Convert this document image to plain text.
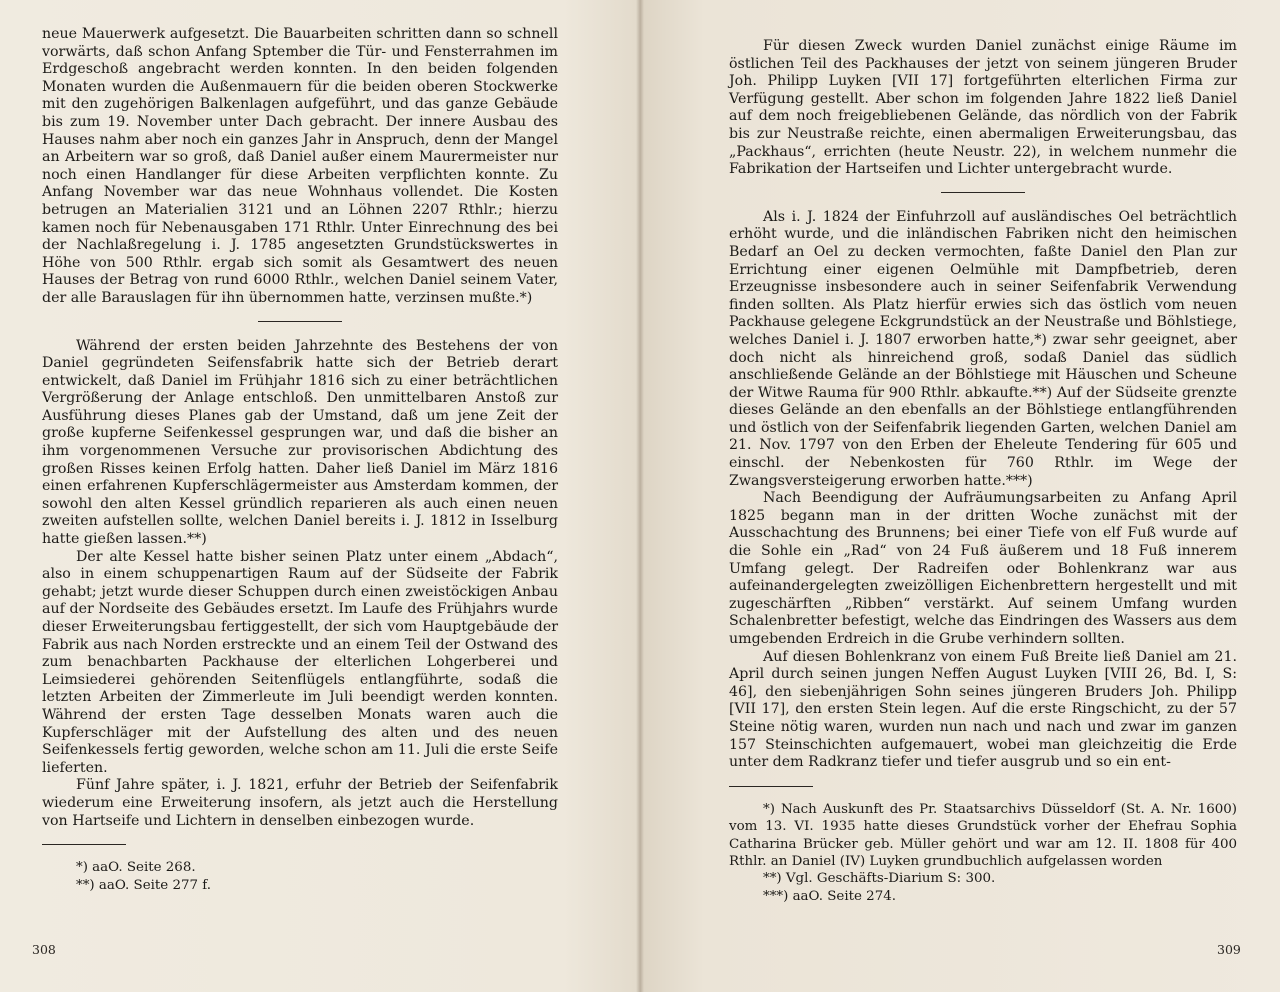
neue Mauerwerk aufgesetzt. Die Bauarbeiten schritten dann so schnell vorwärts, daß schon Anfang Sptember die Tür- und Fensterrahmen im Erdgeschoß angebracht werden konnten. In den beiden folgenden Monaten wurden die Außenmauern für die beiden oberen Stockwerke mit den zugehörigen Balkenlagen aufgeführt, und das ganze Gebäude bis zum 19. November unter Dach gebracht. Der innere Ausbau des Hauses nahm aber noch ein ganzes Jahr in Anspruch, denn der Mangel an Arbeitern war so groß, daß Daniel außer einem Maurermeister nur noch einen Handlanger für diese Arbeiten verpflichten konnte. Zu Anfang November war das neue Wohnhaus vollendet. Die Kosten betrugen an Materialien 3121 und an Löhnen 2207 Rthlr.; hierzu kamen noch für Nebenausgaben 171 Rthlr. Unter Einrechnung des bei der Nachlaßregelung i. J. 1785 angesetzten Grundstückswertes in Höhe von 500 Rthlr. ergab sich somit als Gesamtwert des neuen Hauses der Betrag von rund 6000 Rthlr., welchen Daniel seinem Vater, der alle Barauslagen für ihn übernommen hatte, verzinsen mußte.*)

Während der ersten beiden Jahrzehnte des Bestehens der von Daniel gegründeten Seifensfabrik hatte sich der Betrieb derart entwickelt, daß Daniel im Frühjahr 1816 sich zu einer beträchtlichen Vergrößerung der Anlage entschloß. Den unmittelbaren Anstoß zur Ausführung dieses Planes gab der Umstand, daß um jene Zeit der große kupferne Seifenkessel gesprungen war, und daß die bisher an ihm vorgenommenen Versuche zur provisorischen Abdichtung des großen Risses keinen Erfolg hatten. Daher ließ Daniel im März 1816 einen erfahrenen Kupferschlägermeister aus Amsterdam kommen, der sowohl den alten Kessel gründlich reparieren als auch einen neuen zweiten aufstellen sollte, welchen Daniel bereits i. J. 1812 in Isselburg hatte gießen lassen.**)

Der alte Kessel hatte bisher seinen Platz unter einem „Abdach“, also in einem schuppenartigen Raum auf der Südseite der Fabrik gehabt; jetzt wurde dieser Schuppen durch einen zweistöckigen Anbau auf der Nordseite des Gebäudes ersetzt. Im Laufe des Frühjahrs wurde dieser Erweiterungsbau fertiggestellt, der sich vom Hauptgebäude der Fabrik aus nach Norden erstreckte und an einem Teil der Ostwand des zum benachbarten Packhause der elterlichen Lohgerberei und Leimsiederei gehörenden Seitenflügels entlangführte, sodaß die letzten Arbeiten der Zimmerleute im Juli beendigt werden konnten. Während der ersten Tage desselben Monats waren auch die Kupferschläger mit der Aufstellung des alten und des neuen Seifenkessels fertig geworden, welche schon am 11. Juli die erste Seife lieferten.

Fünf Jahre später, i. J. 1821, erfuhr der Betrieb der Seifenfabrik wiederum eine Erweiterung insofern, als jetzt auch die Herstellung von Hartseife und Lichtern in denselben einbezogen wurde.

*) aaO. Seite 268.

**) aaO. Seite 277 f.

308

Für diesen Zweck wurden Daniel zunächst einige Räume im östlichen Teil des Packhauses der jetzt von seinem jüngeren Bruder Joh. Philipp Luyken [VII 17] fortgeführten elterlichen Firma zur Verfügung gestellt. Aber schon im folgenden Jahre 1822 ließ Daniel auf dem noch freigebliebenen Gelände, das nördlich von der Fabrik bis zur Neustraße reichte, einen abermaligen Erweiterungsbau, das „Packhaus“, errichten (heute Neustr. 22), in welchem nunmehr die Fabrikation der Hartseifen und Lichter untergebracht wurde.

Als i. J. 1824 der Einfuhrzoll auf ausländisches Oel beträchtlich erhöht wurde, und die inländischen Fabriken nicht den heimischen Bedarf an Oel zu decken vermochten, faßte Daniel den Plan zur Errichtung einer eigenen Oelmühle mit Dampfbetrieb, deren Erzeugnisse insbesondere auch in seiner Seifenfabrik Verwendung finden sollten. Als Platz hierfür erwies sich das östlich vom neuen Packhause gelegene Eckgrundstück an der Neustraße und Böhlstiege, welches Daniel i. J. 1807 erworben hatte,*) zwar sehr geeignet, aber doch nicht als hinreichend groß, sodaß Daniel das südlich anschließende Gelände an der Böhlstiege mit Häuschen und Scheune der Witwe Rauma für 900 Rthlr. abkaufte.**) Auf der Südseite grenzte dieses Gelände an den ebenfalls an der Böhlstiege entlangführenden und östlich von der Seifenfabrik liegenden Garten, welchen Daniel am 21. Nov. 1797 von den Erben der Eheleute Tendering für 605 und einschl. der Nebenkosten für 760 Rthlr. im Wege der Zwangsversteigerung erworben hatte.***)

Nach Beendigung der Aufräumungsarbeiten zu Anfang April 1825 begann man in der dritten Woche zunächst mit der Ausschachtung des Brunnens; bei einer Tiefe von elf Fuß wurde auf die Sohle ein „Rad“ von 24 Fuß äußerem und 18 Fuß innerem Umfang gelegt. Der Radreifen oder Bohlenkranz war aus aufeinandergelegten zweizölligen Eichenbrettern hergestellt und mit zugeschärften „Ribben“ verstärkt. Auf seinem Umfang wurden Schalenbretter befestigt, welche das Eindringen des Wassers aus dem umgebenden Erdreich in die Grube verhindern sollten.

Auf diesen Bohlenkranz von einem Fuß Breite ließ Daniel am 21. April durch seinen jungen Neffen August Luyken [VIII 26, Bd. I, S: 46], den siebenjährigen Sohn seines jüngeren Bruders Joh. Philipp [VII 17], den ersten Stein legen. Auf die erste Ringschicht, zu der 57 Steine nötig waren, wurden nun nach und nach und zwar im ganzen 157 Steinschichten aufgemauert, wobei man gleichzeitig die Erde unter dem Radkranz tiefer und tiefer ausgrub und so ein ent-

*) Nach Auskunft des Pr. Staatsarchivs Düsseldorf (St. A. Nr. 1600) vom 13. VI. 1935 hatte dieses Grundstück vorher der Ehefrau Sophia Catharina Brücker geb. Müller gehört und war am 12. II. 1808 für 400 Rthlr. an Daniel (IV) Luyken grundbuchlich aufgelassen worden

**) Vgl. Geschäfts-Diarium S: 300.

***) aaO. Seite 274.

309
